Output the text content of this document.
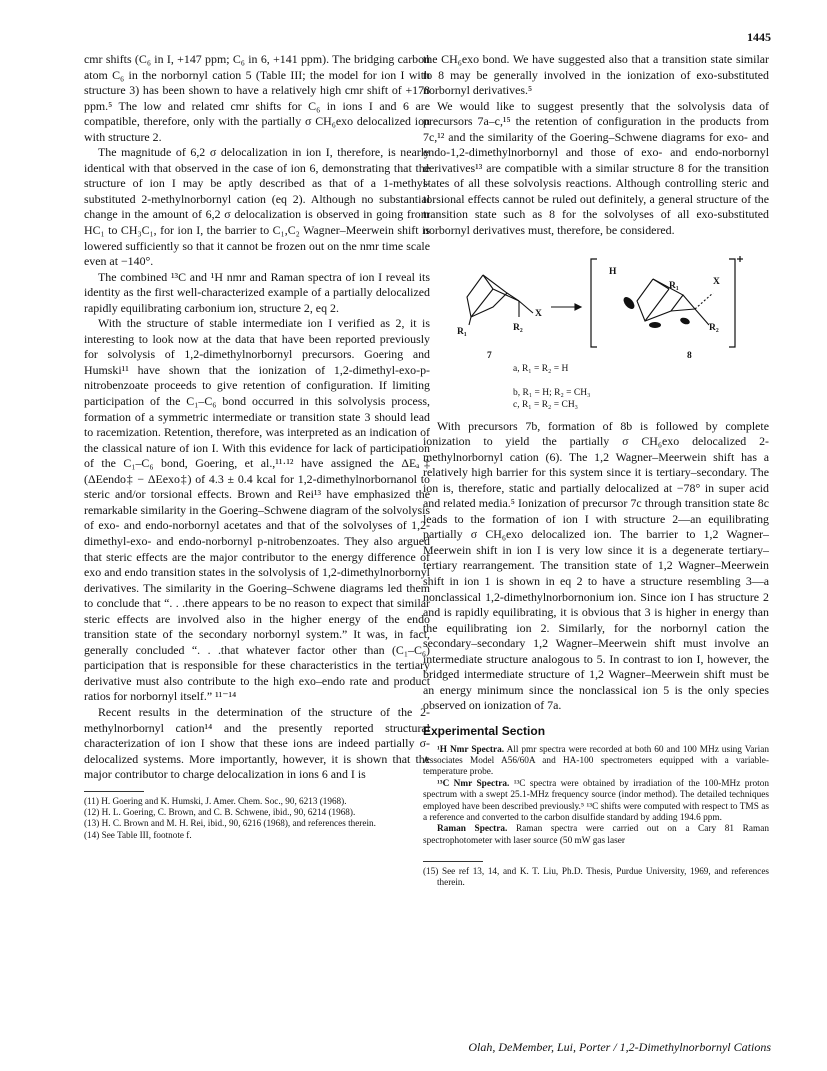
1445

cmr shifts (C₆ in I, +147 ppm; C₆ in 6, +141 ppm). The bridging carbon atom C₆ in the norbornyl cation 5 (Table III; the model for ion I with structure 3) has been shown to have a relatively high cmr shift of +178 ppm.⁵ The low and related cmr shifts for C₆ in ions I and 6 are compatible, therefore, only with the partially σ CH₆exo delocalized ion with structure 2.

The magnitude of 6,2 σ delocalization in ion I, therefore, is nearly identical with that observed in the case of ion 6, demonstrating that the structure of ion I may be aptly described as that of a 1-methyl-substituted 2-methylnorbornyl cation (eq 2). Although no substantial change in the amount of 6,2 σ delocalization is observed in going from HC₁ to CH₃C₁, for ion I, the barrier to C₁,C₂ Wagner–Meerwein shift is lowered sufficiently so that it cannot be frozen out on the nmr time scale even at −140°.

The combined ¹³C and ¹H nmr and Raman spectra of ion I reveal its identity as the first well-characterized example of a partially delocalized rapidly equilibrating carbonium ion, structure 2, eq 2.

With the structure of stable intermediate ion I verified as 2, it is interesting to look now at the data that have been reported previously for solvolysis of 1,2-dimethylnorbornyl precursors. Goering and Humski¹¹ have shown that the ionization of 1,2-dimethyl-exo-p-nitrobenzoate proceeds to give retention of configuration. If limiting participation of the C₁–C₆ bond occurred in this solvolysis process, formation of a symmetric intermediate or transition state 3 should lead to racemization. Retention, therefore, was interpreted as an indication of the classical nature of ion I. With this evidence for lack of participation of the C₁–C₆ bond, Goering, et al.,¹¹·¹² have assigned the ΔEₐ‡ (ΔEendo‡ − ΔEexo‡) of 4.3 ± 0.4 kcal for 1,2-dimethylnorbornanol to steric and/or torsional effects. Brown and Rei¹³ have emphasized the remarkable similarity in the Goering–Schwene diagram of the solvolysis of exo- and endo-norbornyl acetates and that of the solvolyses of 1,2-dimethyl-exo- and endo-norbornyl p-nitrobenzoates. They also argued that steric effects are the major contributor to the energy difference of exo and endo transition states in the solvolysis of 1,2-dimethylnorbornyl derivatives. The similarity in the Goering–Schwene diagrams led them to conclude that “. . .there appears to be no reason to expect that similar steric effects are involved also in the higher energy of the endo transition state of the secondary norbornyl system.” It was, in fact, generally concluded “. . .that whatever factor other than (C₁–C₆) participation that is responsible for these characteristics in the tertiary derivative must also contribute to the high exo–endo rate and product ratios for norbornyl itself.” ¹¹⁻¹⁴

Recent results in the determination of the structure of the 2-methylnorbornyl cation¹⁴ and the presently reported structural characterization of ion I show that these ions are indeed partially σ-delocalized systems. More importantly, however, it is shown that the major contributor to charge delocalization in ions 6 and I is

(11) H. Goering and K. Humski, J. Amer. Chem. Soc., 90, 6213 (1968).

(12) H. L. Goering, C. Brown, and C. B. Schwene, ibid., 90, 6214 (1968).

(13) H. C. Brown and M. H. Rei, ibid., 90, 6216 (1968), and references therein.

(14) See Table III, footnote f.

the CH₆exo bond. We have suggested also that a transition state similar to 8 may be generally involved in the ionization of exo-substituted norbornyl derivatives.⁵

We would like to suggest presently that the solvolysis data of precursors 7a–c,¹⁵ the retention of configuration in the products from 7c,¹² and the similarity of the Goering–Schwene diagrams for exo- and endo-1,2-dimethylnorbornyl and those of exo- and endo-norbornyl derivatives¹³ are compatible with a similar structure 8 for the transition states of all these solvolysis reactions. Although controlling steric and torsional effects cannot be ruled out definitely, a general structure of the transition state such as 8 for the solvolyses of all exo-substituted norbornyl derivatives must, therefore, be considered.

R₁
X
R₂
7
H
R₁	X
R₂
8
a, R₁ = R₂ = H
b, R₁ = H; R₂ = CH₃
c, R₁ = R₂ = CH₃

With precursors 7b, formation of 8b is followed by complete ionization to yield the partially σ CH₆exo delocalized 2-methylnorbornyl cation (6). The 1,2 Wagner–Meerwein shift has a relatively high barrier for this system since it is tertiary–secondary. The ion is, therefore, static and partially delocalized at −78° in super acid and related media.⁵ Ionization of precursor 7c through transition state 8c leads to the formation of ion I with structure 2—an equilibrating partially σ CH₆exo delocalized ion. The barrier to 1,2 Wagner–Meerwein shift in ion I is very low since it is a degenerate tertiary–tertiary rearrangement. The transition state of 1,2 Wagner–Meerwein shift in ion 1 is shown in eq 2 to have a structure resembling 3—a nonclassical 1,2-dimethylnorbornonium ion. Since ion I has structure 2 and is rapidly equilibrating, it is obvious that 3 is higher in energy than the equilibrating ion 2. Similarly, for the norbornyl cation the secondary–secondary 1,2 Wagner–Meerwein shift must involve an intermediate structure analogous to 5. In contrast to ion I, however, the bridged intermediate structure of 1,2 Wagner–Meerwein shift must be an energy minimum since the nonclassical ion 5 is the only species observed on ionization of 7a.

Experimental Section

¹H Nmr Spectra. All pmr spectra were recorded at both 60 and 100 MHz using Varian Associates Model A56/60A and HA-100 spectrometers equipped with a variable-temperature probe.

¹³C Nmr Spectra. ¹³C spectra were obtained by irradiation of the 100-MHz proton spectrum with a swept 25.1-MHz frequency source (indor method). The detailed techniques employed have been described previously.⁵ ¹³C shifts were computed with respect to TMS as a reference and converted to the carbon disulfide standard by adding 194.6 ppm.

Raman Spectra. Raman spectra were carried out on a Cary 81 Raman spectrophotometer with laser source (50 mW gas laser

(15) See ref 13, 14, and K. T. Liu, Ph.D. Thesis, Purdue University, 1969, and references therein.

Olah, DeMember, Lui, Porter / 1,2-Dimethylnorbornyl Cations
